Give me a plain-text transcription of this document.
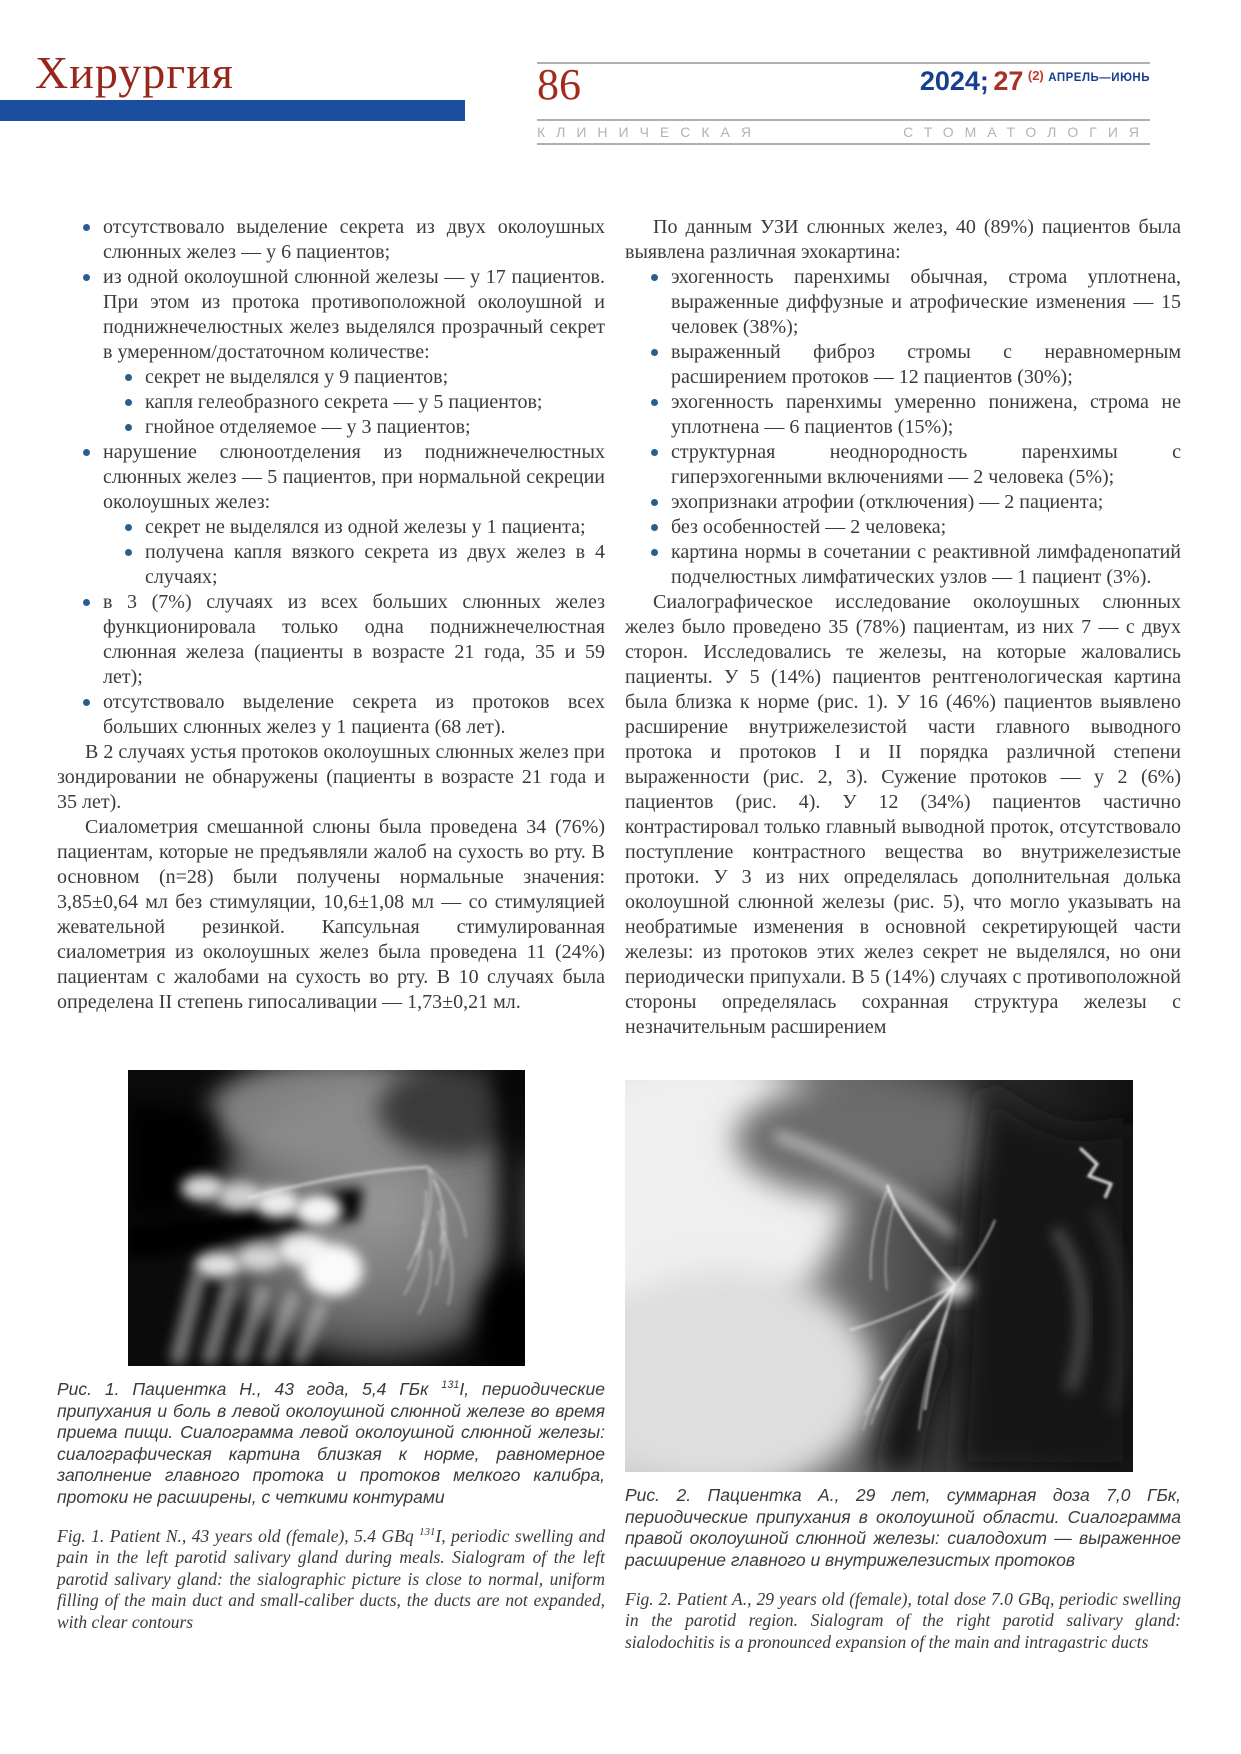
Хирургия	86	2024; 27 $^{(2)}$ $^{АПРЕЛЬ—ИЮНЬ}$
КЛИНИЧЕСКАЯ	СТОМАТОЛОГИЯ
отсутствовало выделение секрета из двух околоушных слюнных желез — у 6 пациентов;
из одной околоушной слюнной железы — у 17 пациентов. При этом из протока противоположной околоушной и поднижнечелюстных желез выделялся прозрачный секрет в умеренном/достаточном количестве:
секрет не выделялся у 9 пациентов;
капля гелеобразного секрета — у 5 пациентов;
гнойное отделяемое — у 3 пациентов;
нарушение слюноотделения из поднижнечелюстных слюнных желез — 5 пациентов, при нормальной секреции околоушных желез:
секрет не выделялся из одной железы у 1 пациента;
получена капля вязкого секрета из двух желез в 4 случаях;
в 3 (7%) случаях из всех больших слюнных желез функционировала только одна поднижнечелюстная слюнная железа (пациенты в возрасте 21 года, 35 и 59 лет);
отсутствовало выделение секрета из протоков всех больших слюнных желез у 1 пациента (68 лет).
В 2 случаях устья протоков околоушных слюнных желез при зондировании не обнаружены (пациенты в возрасте 21 года и 35 лет).
Сиалометрия смешанной слюны была проведена 34 (76%) пациентам, которые не предъявляли жалоб на сухость во рту. В основном (n=28) были получены нормальные значения: 3,85±0,64 мл без стимуляции, 10,6±1,08 мл — со стимуляцией жевательной резинкой. Капсульная стимулированная сиалометрия из околоушных желез была проведена 11 (24%) пациентам с жалобами на сухость во рту. В 10 случаях была определена II степень гипосаливации — 1,73±0,21 мл.

Рис. 1. Пациентка Н., 43 года, 5,4 ГБк $^{131}$I, периодические припухания и боль в левой околоушной слюнной железе во время приема пищи. Сиалограмма левой околоушной слюнной железы: сиалографическая картина близкая к норме, равномерное заполнение главного протока и протоков мелкого калибра, протоки не расширены, с четкими контурами

Fig. 1. Patient N., 43 years old (female), 5.4 GBq $^{131}$I, periodic swelling and pain in the left parotid salivary gland during meals. Sialogram of the left parotid salivary gland: the sialographic picture is close to normal, uniform filling of the main duct and small-caliber ducts, the ducts are not expanded, with clear contours

По данным УЗИ слюнных желез, 40 (89%) пациентов была выявлена различная эхокартина:
эхогенность паренхимы обычная, строма уплотнена, выраженные диффузные и атрофические изменения — 15 человек (38%);
выраженный фиброз стромы с неравномерным расширением протоков — 12 пациентов (30%);
эхогенность паренхимы умеренно понижена, строма не уплотнена — 6 пациентов (15%);
структурная неоднородность паренхимы с гиперэхогенными включениями — 2 человека (5%);
эхопризнаки атрофии (отключения) — 2 пациента;
без особенностей — 2 человека;
картина нормы в сочетании с реактивной лимфаденопатий подчелюстных лимфатических узлов — 1 пациент (3%).
Сиалографическое исследование околоушных слюнных желез было проведено 35 (78%) пациентам, из них 7 — с двух сторон. Исследовались те железы, на которые жаловались пациенты. У 5 (14%) пациентов рентгенологическая картина была близка к норме (рис. 1). У 16 (46%) пациентов выявлено расширение внутрижелезистой части главного выводного протока и протоков I и II порядка различной степени выраженности (рис. 2, 3). Сужение протоков — у 2 (6%) пациентов (рис. 4). У 12 (34%) пациентов частично контрастировал только главный выводной проток, отсутствовало поступление контрастного вещества во внутрижелезистые протоки. У 3 из них определялась дополнительная долька околоушной слюнной железы (рис. 5), что могло указывать на необратимые изменения в основной секретирующей части железы: из протоков этих желез секрет не выделялся, но они периодически припухали. В 5 (14%) случаях с противоположной стороны определялась сохранная структура железы с незначительным расширением

Рис. 2. Пациентка А., 29 лет, суммарная доза 7,0 ГБк, периодические припухания в околоушной области. Сиалограмма правой околоушной слюнной железы: сиалодохит — выраженное расширение главного и внутрижелезистых протоков

Fig. 2. Patient A., 29 years old (female), total dose 7.0 GBq, periodic swelling in the parotid region. Sialogram of the right parotid salivary gland: sialodochitis is a pronounced expansion of the main and intragastric ducts
